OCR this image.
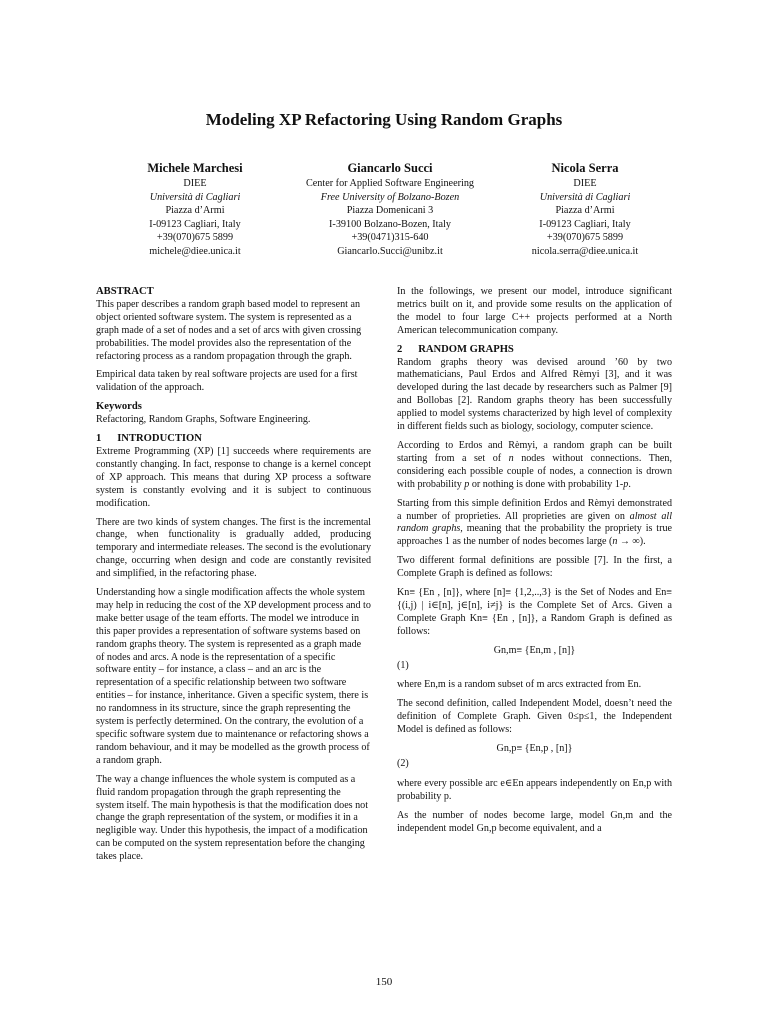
Modeling XP Refactoring Using Random Graphs
Michele Marchesi
DIEE
Università di Cagliari
Piazza d’Armi
I-09123 Cagliari, Italy
+39(070)675 5899
michele@diee.unica.it
Giancarlo Succi
Center for Applied Software Engineering
Free University of Bolzano-Bozen
Piazza Domenicani 3
I-39100 Bolzano-Bozen, Italy
+39(0471)315-640
Giancarlo.Succi@unibz.it
Nicola Serra
DIEE
Università di Cagliari
Piazza d’Armi
I-09123 Cagliari, Italy
+39(070)675 5899
nicola.serra@diee.unica.it
ABSTRACT

This paper describes a random graph based model to represent an object oriented software system. The system is represented as a graph made of a set of nodes and a set of arcs with given crossing probabilities. The model provides also the representation of the refactoring process as a random propagation through the graph.

Empirical data taken by real software projects are used for a first validation of the approach.

Keywords

Refactoring, Random Graphs, Software Engineering.

1      INTRODUCTION

Extreme Programming (XP) [1] succeeds where requirements are constantly changing. In fact, response to change is a kernel concept of XP approach. This means that during XP process a software system is constantly evolving and it is subject to continuous modification.

There are two kinds of system changes. The first is the incremental change, when functionality is gradually added, producing temporary and intermediate releases. The second is the evolutionary change, occurring when design and code are constantly revisited and simplified, in the refactoring phase.

Understanding how a single modification affects the whole system may help in reducing the cost of the XP development process and to make better usage of the team efforts. The model we introduce in this paper provides a representation of software systems based on random graphs theory. The system is represented as a graph made of nodes and arcs. A node is the representation of a specific software entity – for instance, a class – and an arc is the representation of a specific relationship between two software entities – for instance, inheritance. Given a specific system, there is no randomness in its structure, since the graph representing the system is perfectly determined. On the contrary, the evolution of a specific software system due to maintenance or refactoring shows a random behaviour, and it may be modelled as the growth process of a random graph.

The way a change influences the whole system is computed as a fluid random propagation through the graph representing the system itself. The main hypothesis is that the modification does not change the graph representation of the system, or modifies it in a negligible way. Under this hypothesis, the impact of a modification can be computed on the system representation before the changing takes place.

In the followings, we present our model, introduce significant metrics built on it, and provide some results on the application of the model to four large C++ projects performed at a North American telecommunication company.

2      RANDOM GRAPHS

Random graphs theory was devised around ’60 by two mathematicians, Paul Erdos and Alfred Rèmyi [3], and it was developed during the last decade by researchers such as Palmer [9] and Bollobas [2]. Random graphs theory has been successfully applied to model systems characterized by high level of complexity in different fields such as biology, sociology, computer science.

According to Erdos and Rèmyi, a random graph can be built starting from a set of n nodes without connections. Then, considering each possible couple of nodes, a connection is drown with probability p or nothing is done with probability 1-p.

Starting from this simple definition Erdos and Rèmyi demonstrated a number of proprieties. All proprieties are given on almost all random graphs, meaning that the probability the propriety is true approaches 1 as the number of nodes becomes large (n → ∞).

Two different formal definitions are possible [7]. In the first, a Complete Graph is defined as follows:

Kn≡ {En , [n]}, where [n]≡ {1,2,..,3} is the Set of Nodes and En≡ {(i,j) | i∈[n], j∈[n], i≠j} is the Complete Set of Arcs. Given a Complete Graph Kn≡ {En , [n]}, a Random Graph is defined as follows:

Gn,m≡ {En,m , [n]}
(1)

where En,m is a random subset of m arcs extracted from En.

The second definition, called Independent Model, doesn’t need the definition of Complete Graph. Given 0≤p≤1, the Independent Model is defined as follows:

Gn,p≡ {En,p , [n]}
(2)

where every possible arc e∈En appears independently on En,p with probability p.

As the number of nodes become large, model Gn,m and the independent model Gn,p become equivalent, and a

150
